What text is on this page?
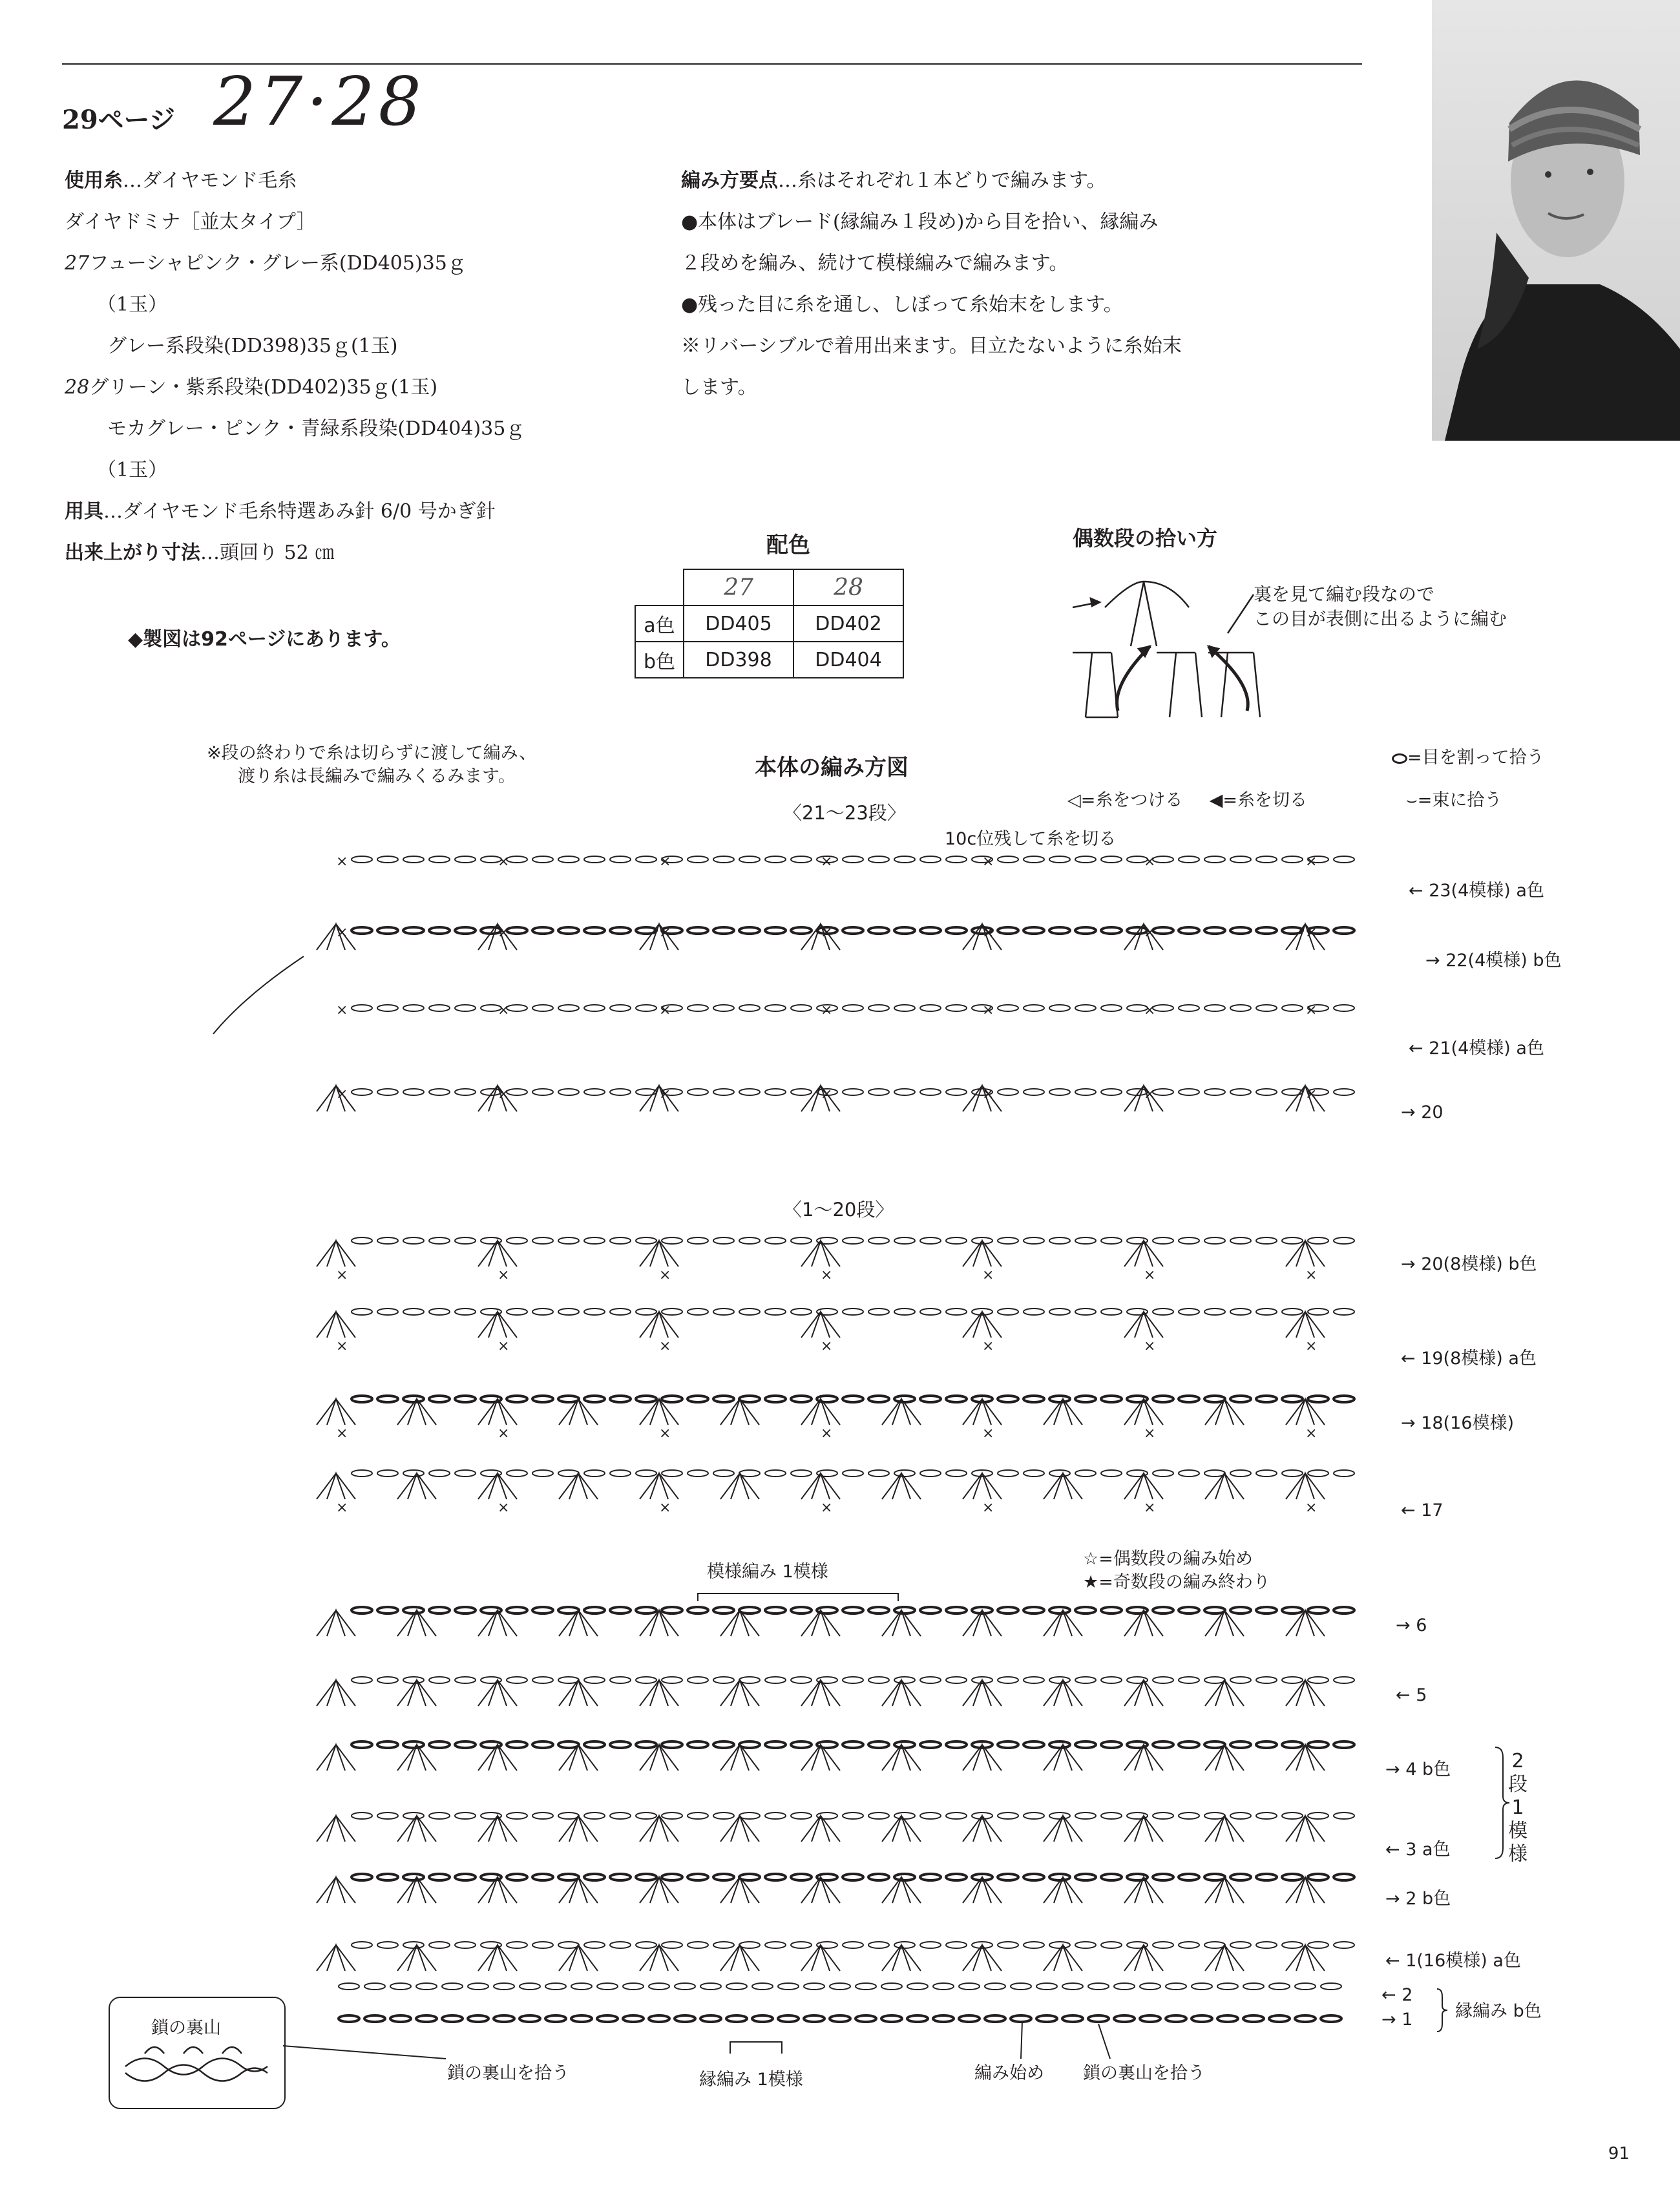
29ページ 27·28
使用糸…ダイヤモンド毛糸
ダイヤドミナ［並太タイプ］
27フューシャピンク・グレー系(DD405)35ｇ
（1玉）
グレー系段染(DD398)35ｇ(1玉)
28グリーン・紫系段染(DD402)35ｇ(1玉)
モカグレー・ピンク・青緑系段染(DD404)35ｇ
（1玉）
用具…ダイヤモンド毛糸特選あみ針 6/0 号かぎ針
出来上がり寸法…頭回り 52 ㎝
編み方要点…糸はそれぞれ１本どりで編みます。
●本体はブレード(縁編み１段め)から目を拾い、縁編み
２段めを編み、続けて模様編みで編みます。
●残った目に糸を通し、しぼって糸始末をします。
※リバーシブルで着用出来ます。目立たないように糸始末
します。
◆製図は92ページにあります。
配色
	27	28
a色	DD405	DD402
b色	DD398	DD404
偶数段の拾い方
裏を見て編む段なので
この目が表側に出るように編む
※段の終わりで糸は切らずに渡して編み、
渡り糸は長編みで編みくるみます。	本体の編み方図	=目を割って拾う
◁=糸をつける ◀=糸を切る	⌣=束に拾う
〈21～23段〉
10c位残して糸を切る
← 23(4模様) a色
→ 22(4模様) b色
← 21(4模様) a色
→ 20
〈1～20段〉
→ 20(8模様) b色
← 19(8模様) a色
→ 18(16模様)
← 17
模様編み 1模様
☆=偶数段の編み始め
★=奇数段の編み終わり
→ 6
← 5
→ 4 b色
← 3 a色
→ 2 b色
← 1(16模様) a色
2段1模様
← 2
→ 1 縁編み b色
鎖の裏山
鎖の裏山を拾う	縁編み 1模様	編み始め 鎖の裏山を拾う
×	×	×	×	×	×	×
×	×	×	×	×	×	×
×	×	×	×	×	×	×
×	×	×	×	×	×	×
×	×	×	×	×	×	×
×	×	×	×	×	×	×
×	×	×	×	×	×	×
×	×	×	×	×	×	×
91
